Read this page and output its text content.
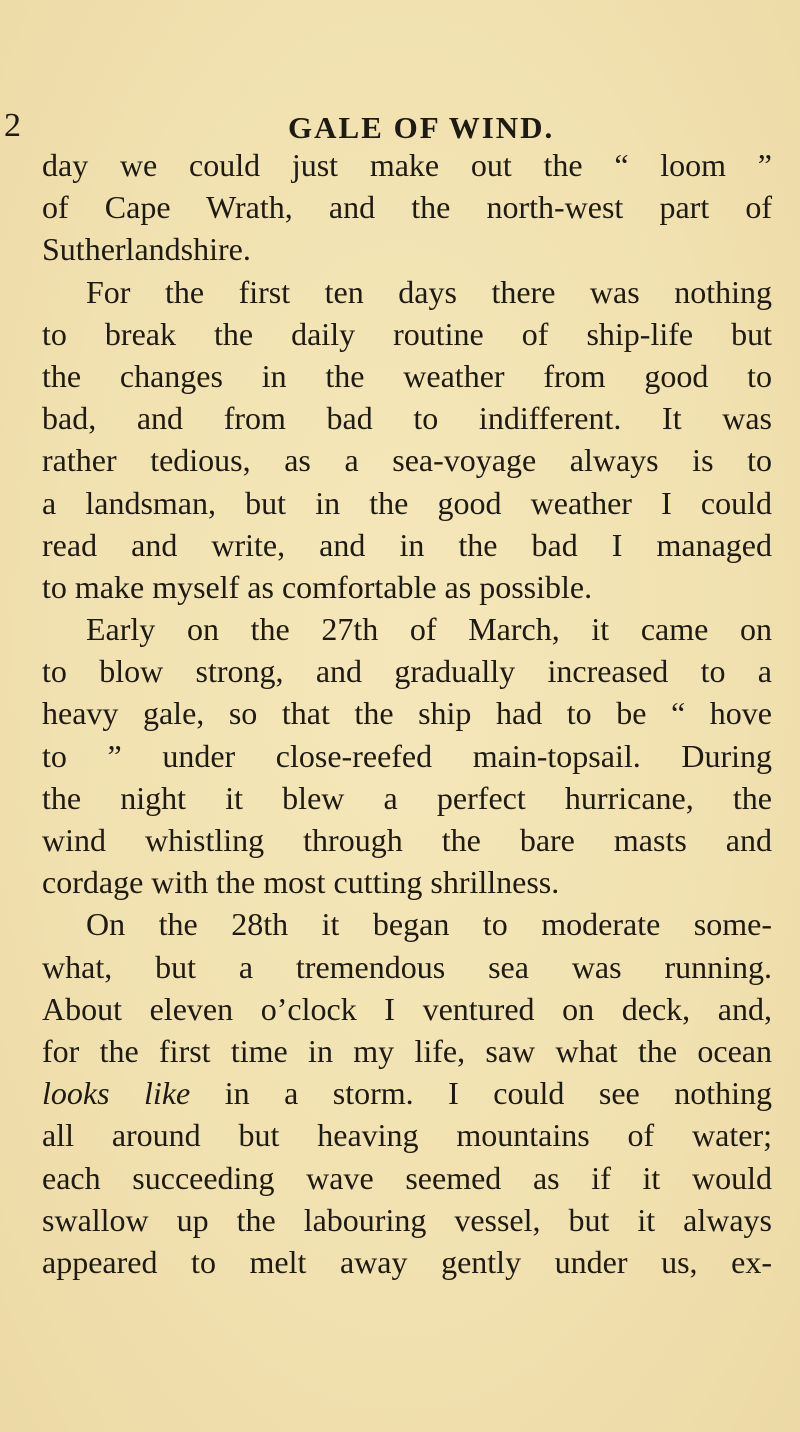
2	GALE OF WIND.
day we could just make out the “ loom ”
of Cape Wrath, and the north-west part of
Sutherlandshire.
For the first ten days there was nothing
to break the daily routine of ship-life but
the changes in the weather from good to
bad, and from bad to indifferent. It was
rather tedious, as a sea-voyage always is to
a landsman, but in the good weather I could
read and write, and in the bad I managed
to make myself as comfortable as possible.
Early on the 27th of March, it came on
to blow strong, and gradually increased to a
heavy gale, so that the ship had to be “ hove
to ” under close-reefed main-topsail. During
the night it blew a perfect hurricane, the
wind whistling through the bare masts and
cordage with the most cutting shrillness.
On the 28th it began to moderate some-
what, but a tremendous sea was running.
About eleven o’clock I ventured on deck, and,
for the first time in my life, saw what the ocean
looks like in a storm. I could see nothing
all around but heaving mountains of water;
each succeeding wave seemed as if it would
swallow up the labouring vessel, but it always
appeared to melt away gently under us, ex-
